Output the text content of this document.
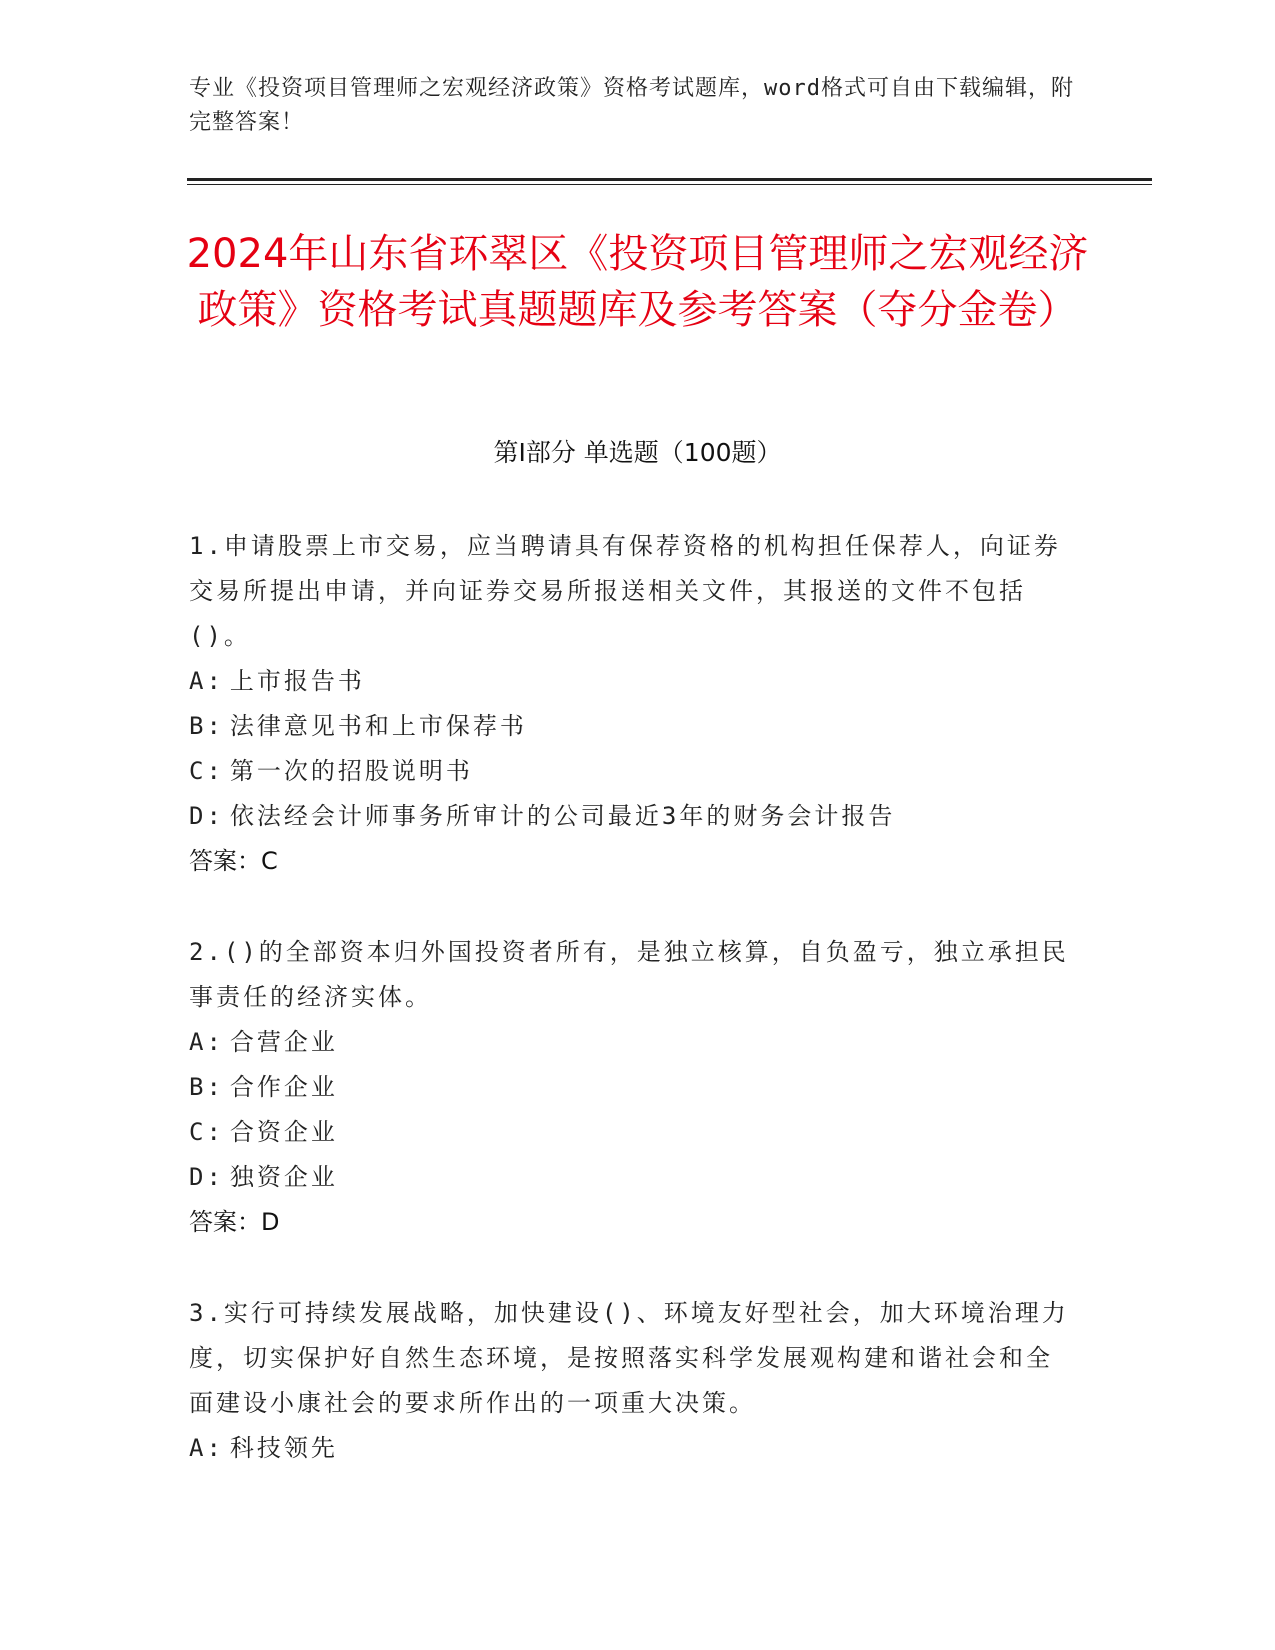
专业《投资项目管理师之宏观经济政策》资格考试题库，word格式可自由下载编辑，附完整答案！
2024年山东省环翠区《投资项目管理师之宏观经济政策》资格考试真题题库及参考答案（夺分金卷）
第Ⅰ部分 单选题（100题）
1.申请股票上市交易，应当聘请具有保荐资格的机构担任保荐人，向证券交易所提出申请，并向证券交易所报送相关文件，其报送的文件不包括()。
A: 上市报告书
B: 法律意见书和上市保荐书
C: 第一次的招股说明书
D: 依法经会计师事务所审计的公司最近3年的财务会计报告
答案：C
2.()的全部资本归外国投资者所有，是独立核算，自负盈亏，独立承担民事责任的经济实体。
A: 合营企业
B: 合作企业
C: 合资企业
D: 独资企业
答案：D
3.实行可持续发展战略，加快建设()、环境友好型社会，加大环境治理力度，切实保护好自然生态环境，是按照落实科学发展观构建和谐社会和全面建设小康社会的要求所作出的一项重大决策。
A: 科技领先
